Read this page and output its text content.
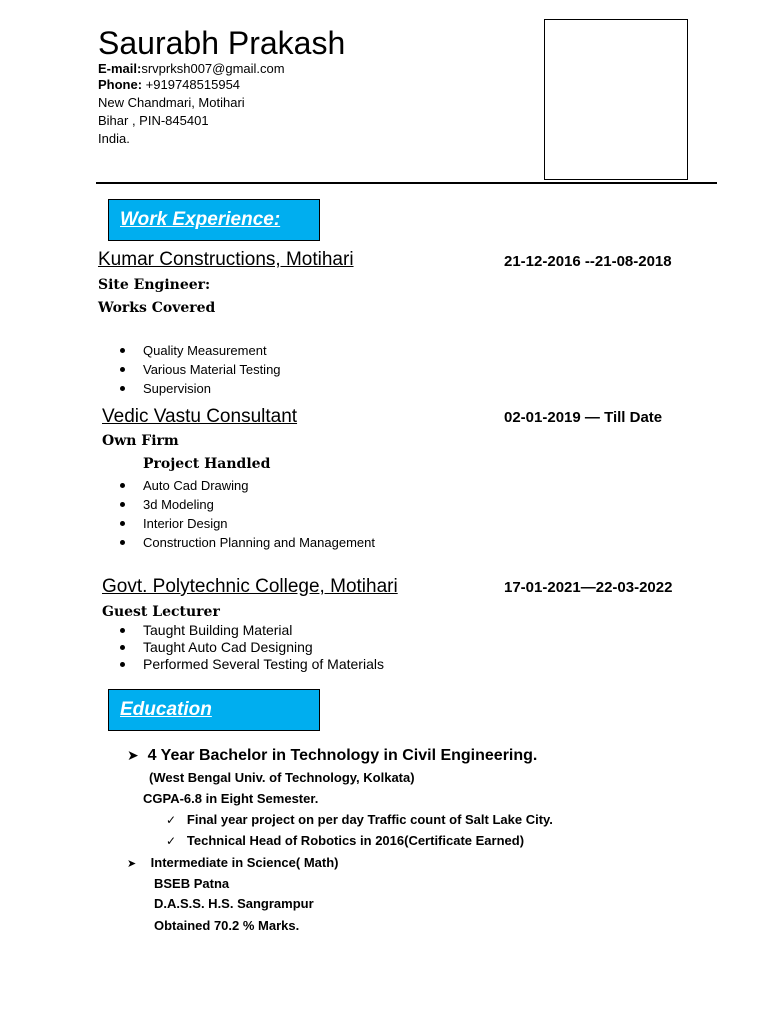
Saurabh Prakash
E-mail:srvprksh007@gmail.com
Phone: +919748515954
New Chandmari, Motihari
Bihar , PIN-845401
India.
Work Experience:
Kumar Constructions, Motihari	21-12-2016 --21-08-2018
Site Engineer:
Works Covered
Quality Measurement
Various Material Testing
Supervision
Vedic Vastu Consultant	02-01-2019 — Till Date
Own Firm
Project Handled
Auto Cad Drawing
3d Modeling
Interior Design
Construction Planning and Management
Govt. Polytechnic College, Motihari	17-01-2021—22-03-2022
Guest Lecturer
Taught Building Material
Taught Auto Cad Designing
Performed Several Testing of Materials
Education
➤ 4 Year Bachelor in Technology in Civil Engineering.
(West Bengal Univ. of Technology, Kolkata)
CGPA-6.8 in Eight Semester.
✓ Final year project on per day Traffic count of Salt Lake City.
✓ Technical Head of Robotics in 2016(Certificate Earned)
➤ Intermediate in Science( Math)
BSEB Patna
D.A.S.S. H.S. Sangrampur
Obtained 70.2 % Marks.
